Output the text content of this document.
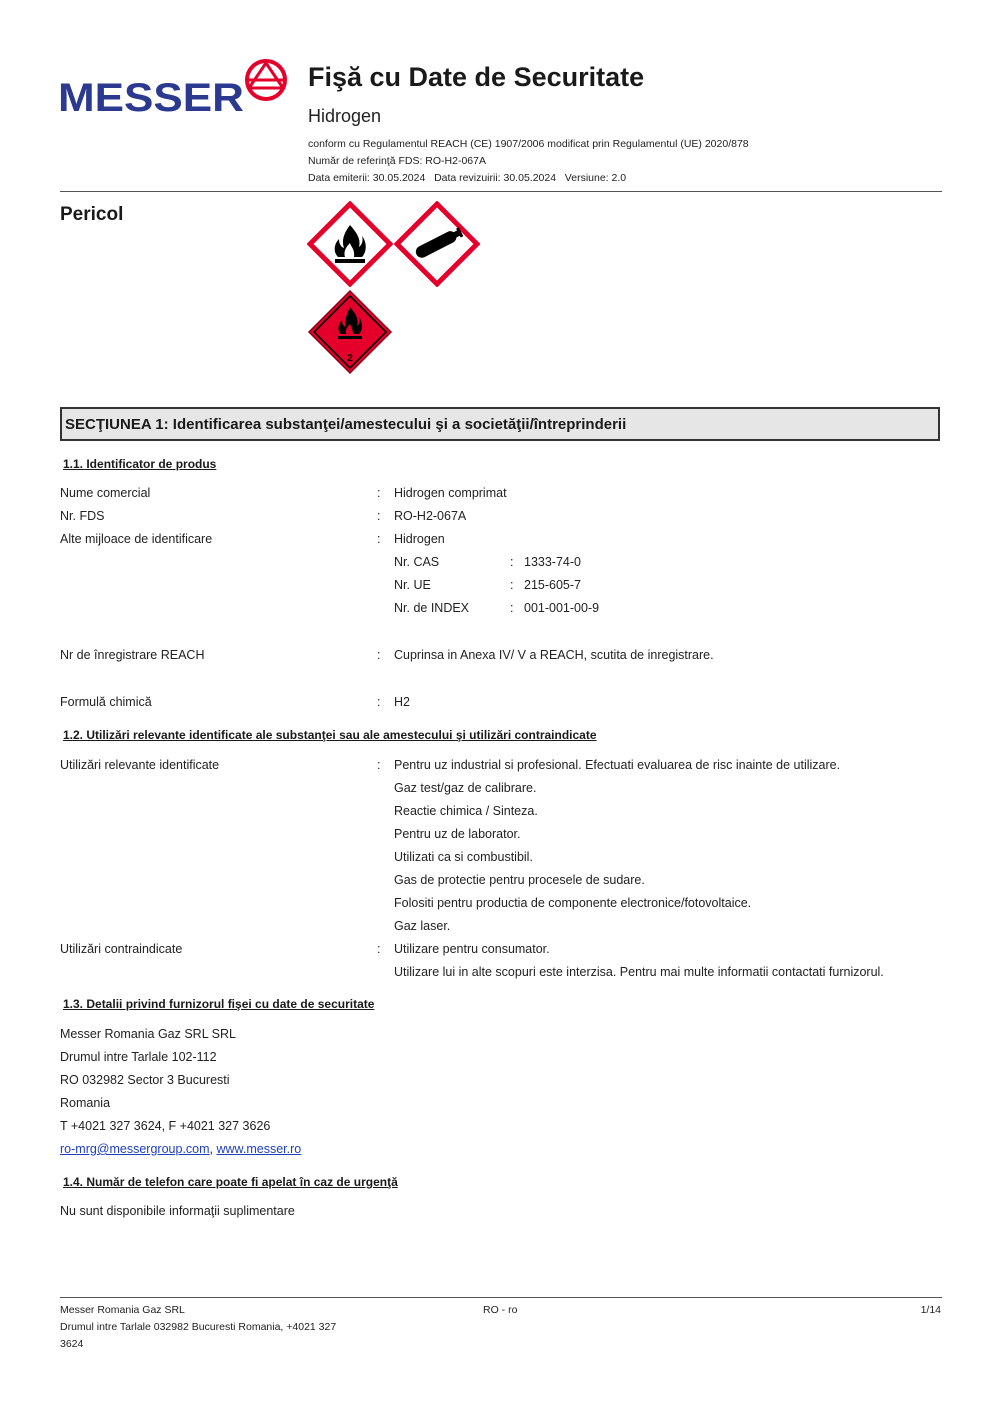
MESSER Fişă cu Date de Securitate
Hidrogen
conform cu Regulamentul REACH (CE) 1907/2006 modificat prin Regulamentul (UE) 2020/878
Număr de referinţă FDS: RO-H2-067A
Data emiterii: 30.05.2024   Data revizuirii: 30.05.2024   Versiune: 2.0
Pericol
2
SECŢIUNEA 1: Identificarea substanţei/amestecului şi a societăţii/întreprinderii
1.1. Identificator de produs
Nume comercial	: Hidrogen comprimat
Nr. FDS	: RO-H2-067A
Alte mijloace de identificare	: Hidrogen
Nr. CAS	: 1333-74-0
Nr. UE	: 215-605-7
Nr. de INDEX	: 001-001-00-9
Nr de înregistrare REACH	: Cuprinsa in Anexa IV/ V a REACH, scutita de inregistrare.
Formulă chimică	: H2
1.2. Utilizări relevante identificate ale substanţei sau ale amestecului şi utilizări contraindicate
Utilizări relevante identificate	: Pentru uz industrial si profesional. Efectuati evaluarea de risc inainte de utilizare.
Gaz test/gaz de calibrare.
Reactie chimica / Sinteza.
Pentru uz de laborator.
Utilizati ca si combustibil.
Gas de protectie pentru procesele de sudare.
Folositi pentru productia de componente electronice/fotovoltaice.
Gaz laser.
Utilizări contraindicate	: Utilizare pentru consumator.
Utilizare lui in alte scopuri este interzisa. Pentru mai multe informatii contactati furnizorul.
1.3. Detalii privind furnizorul fişei cu date de securitate
Messer Romania Gaz SRL SRL
Drumul intre Tarlale 102-112
RO 032982 Sector 3 Bucuresti
Romania
T +4021 327 3624, F +4021 327 3626
ro-mrg@messergroup.com, www.messer.ro
1.4. Număr de telefon care poate fi apelat în caz de urgenţă
Nu sunt disponibile informaţii suplimentare
Messer Romania Gaz SRL
Drumul intre Tarlale 032982 Bucuresti Romania, +4021 327
3624
RO - ro	1/14
